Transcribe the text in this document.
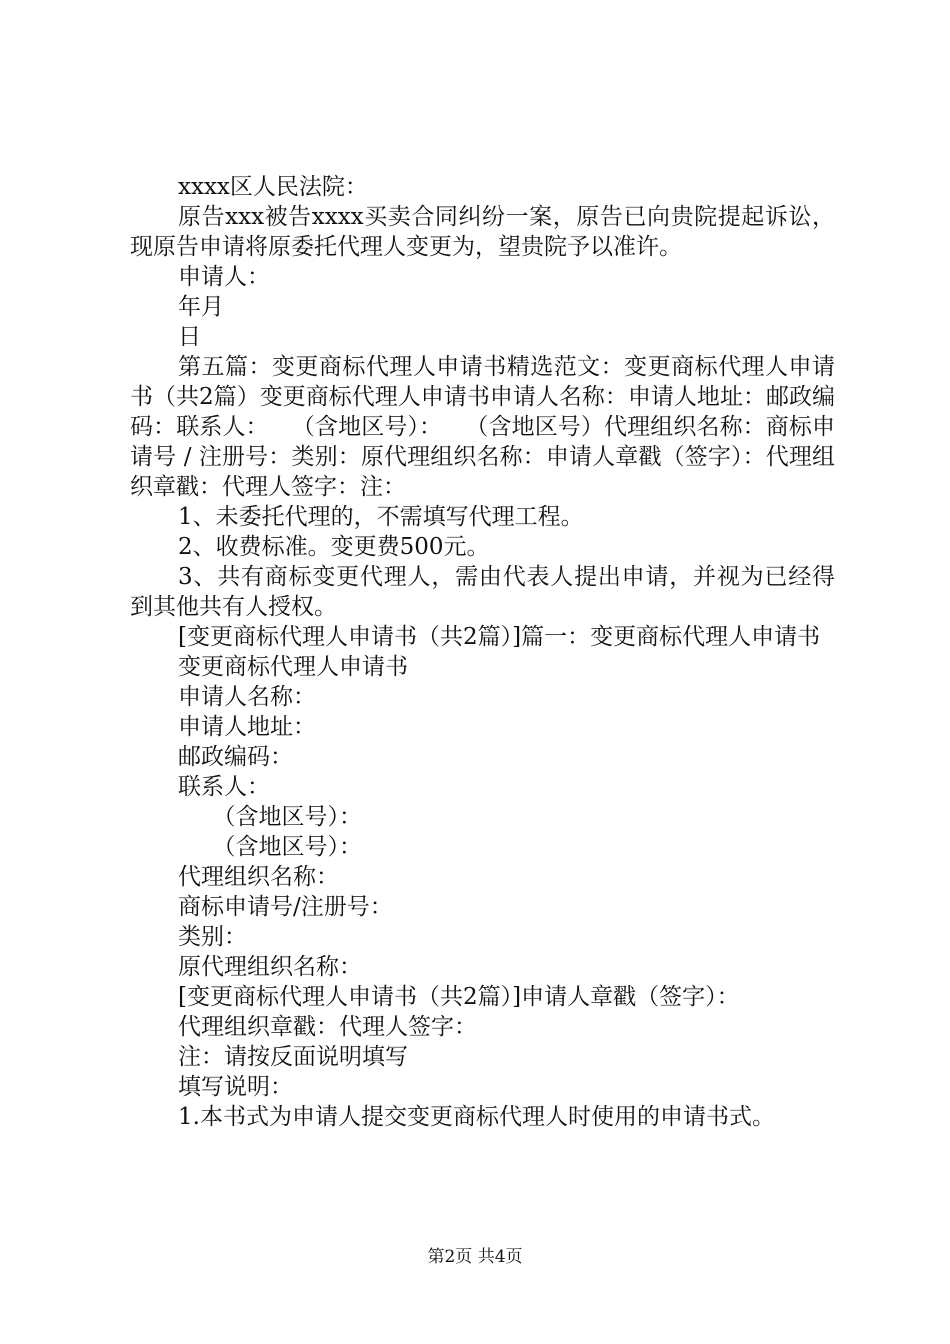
xxxx区人民法院：

原告xxx被告xxxx买卖合同纠纷一案，原告已向贵院提起诉讼，现原告申请将原委托代理人变更为，望贵院予以准许。

申请人：

年月

日

第五篇：变更商标代理人申请书精选范文：变更商标代理人申请书（共2篇）变更商标代理人申请书申请人名称：申请人地址：邮政编码：联系人：　　（含地区号）：　　（含地区号）代理组织名称：商标申请号 / 注册号：类别：原代理组织名称：申请人章戳（签字）：代理组织章戳：代理人签字：注：

1、未委托代理的，不需填写代理工程。

2、收费标准。变更费500元。

3、共有商标变更代理人，需由代表人提出申请，并视为已经得到其他共有人授权。

[变更商标代理人申请书（共2篇）]篇一：变更商标代理人申请书

变更商标代理人申请书

申请人名称：

申请人地址：

邮政编码：

联系人：

　　（含地区号）：

　　（含地区号）：

代理组织名称：

商标申请号/注册号：

类别：

原代理组织名称：

[变更商标代理人申请书（共2篇）]申请人章戳（签字）：

代理组织章戳：代理人签字：

注：请按反面说明填写

填写说明：

1.本书式为申请人提交变更商标代理人时使用的申请书式。

第2页 共4页
